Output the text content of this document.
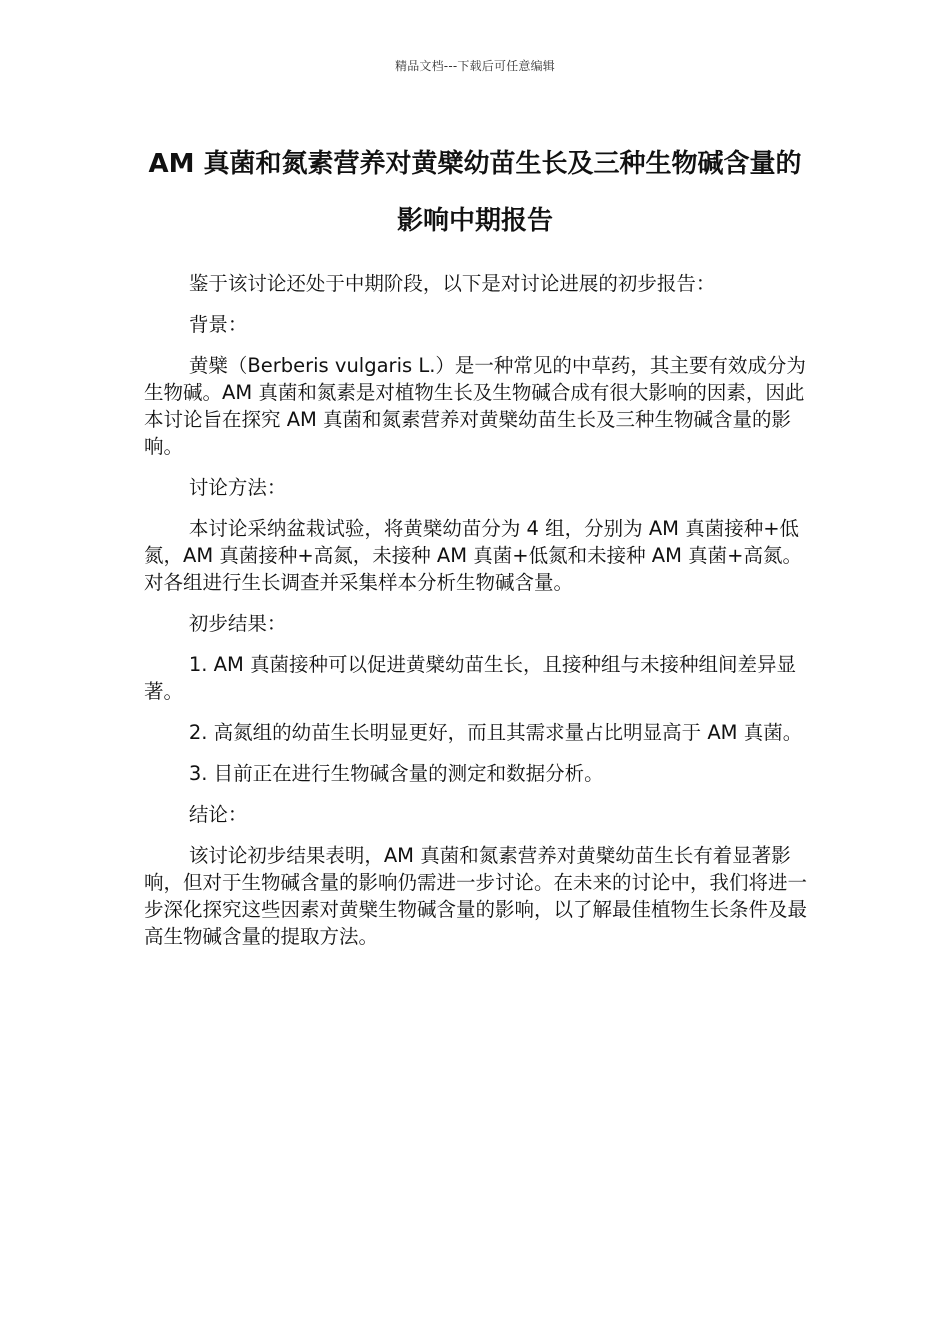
精品文档---下载后可任意编辑
AM 真菌和氮素营养对黄檗幼苗生长及三种生物碱含量的影响中期报告

鉴于该讨论还处于中期阶段，以下是对讨论进展的初步报告：

背景：

黄檗（Berberis vulgaris L.）是一种常见的中草药，其主要有效成分为生物碱。AM 真菌和氮素是对植物生长及生物碱合成有很大影响的因素，因此本讨论旨在探究 AM 真菌和氮素营养对黄檗幼苗生长及三种生物碱含量的影响。

讨论方法：

本讨论采纳盆栽试验，将黄檗幼苗分为 4 组，分别为 AM 真菌接种+低氮，AM 真菌接种+高氮，未接种 AM 真菌+低氮和未接种 AM 真菌+高氮。对各组进行生长调查并采集样本分析生物碱含量。

初步结果：

1. AM 真菌接种可以促进黄檗幼苗生长，且接种组与未接种组间差异显著。

2. 高氮组的幼苗生长明显更好，而且其需求量占比明显高于 AM 真菌。

3. 目前正在进行生物碱含量的测定和数据分析。

结论：

该讨论初步结果表明，AM 真菌和氮素营养对黄檗幼苗生长有着显著影响，但对于生物碱含量的影响仍需进一步讨论。在未来的讨论中，我们将进一步深化探究这些因素对黄檗生物碱含量的影响，以了解最佳植物生长条件及最高生物碱含量的提取方法。
